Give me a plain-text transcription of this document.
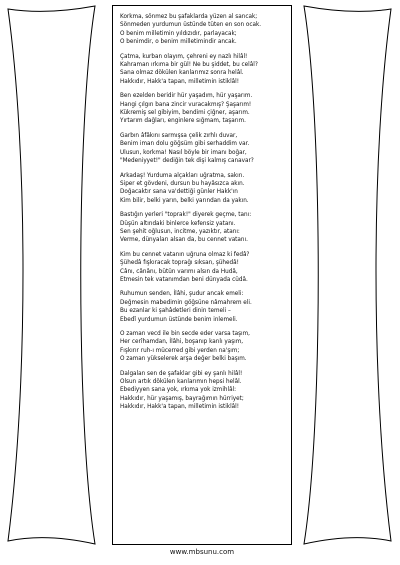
Korkma, sönmez bu şafaklarda yüzen al sancak;
Sönmeden yurdumun üstünde tüten en son ocak.
O benim milletimin yıldızıdır, parlayacak;
O benimdir, o benim milletimindir ancak.
Çatma, kurban olayım, çehreni ey nazlı hilâl!
Kahraman ırkıma bir gül! Ne bu şiddet, bu celâl?
Sana olmaz dökülen kanlarımız sonra helâl.
Hakkıdır, Hakk'a tapan, milletimin istiklâl!
Ben ezelden beridir hür yaşadım, hür yaşarım.
Hangi çılgın bana zincir vuracakmış? Şaşarım!
Kükremiş sel gibiyim, bendimi çiğner, aşarım.
Yırtarım dağları, enginlere sığmam, taşarım.
Garbın âfâkını sarmışsa çelik zırhlı duvar,
Benim iman dolu göğsüm gibi serhaddim var.
Ulusun, korkma! Nasıl böyle bir imanı boğar,
"Medeniyyet!" dediğin tek dişi kalmış canavar?
Arkadaş! Yurduma alçakları uğratma, sakın.
Siper et gövdeni, dursun bu hayâsızca akın.
Doğacaktır sana va'dettiği günler Hakk'ın
Kim bilir, belki yarın, belki yarından da yakın.
Bastığın yerleri "toprak!" diyerek geçme, tanı:
Düşün altındaki binlerce kefensiz yatanı.
Sen şehit oğlusun, incitme, yazıktır, atanı:
Verme, dünyaları alsan da, bu cennet vatanı.
Kim bu cennet vatanın uğruna olmaz ki fedâ?
Şühedâ fışkıracak toprağı sıksan, şühedâ!
Cânı, cânânı, bütün varımı alsın da Hudâ,
Etmesin tek vatanımdan beni dünyada cüdâ.
Ruhumun senden, İlâhi, şudur ancak emeli:
Değmesin mabedimin göğsüne nâmahrem eli.
Bu ezanlar ki şahâdetleri dinin temeli –
Ebedî yurdumun üstünde benim inlemeli.
O zaman vecd ile bin secde eder varsa taşım,
Her cerîhamdan, İlâhi, boşanıp kanlı yaşım,
Fışkırır ruh-ı mücerred gibi yerden na'şım;
O zaman yükselerek arşa değer belki başım.
Dalgalan sen de şafaklar gibi ey şanlı hilâl!
Olsun artık dökülen kanlarımın hepsi helâl.
Ebediyyen sana yok, ırkıma yok izmihlâl:
Hakkıdır, hür yaşamış, bayrağımın hürriyet;
Hakkıdır, Hakk'a tapan, milletimin istiklâl!
www.mbsunu.com
